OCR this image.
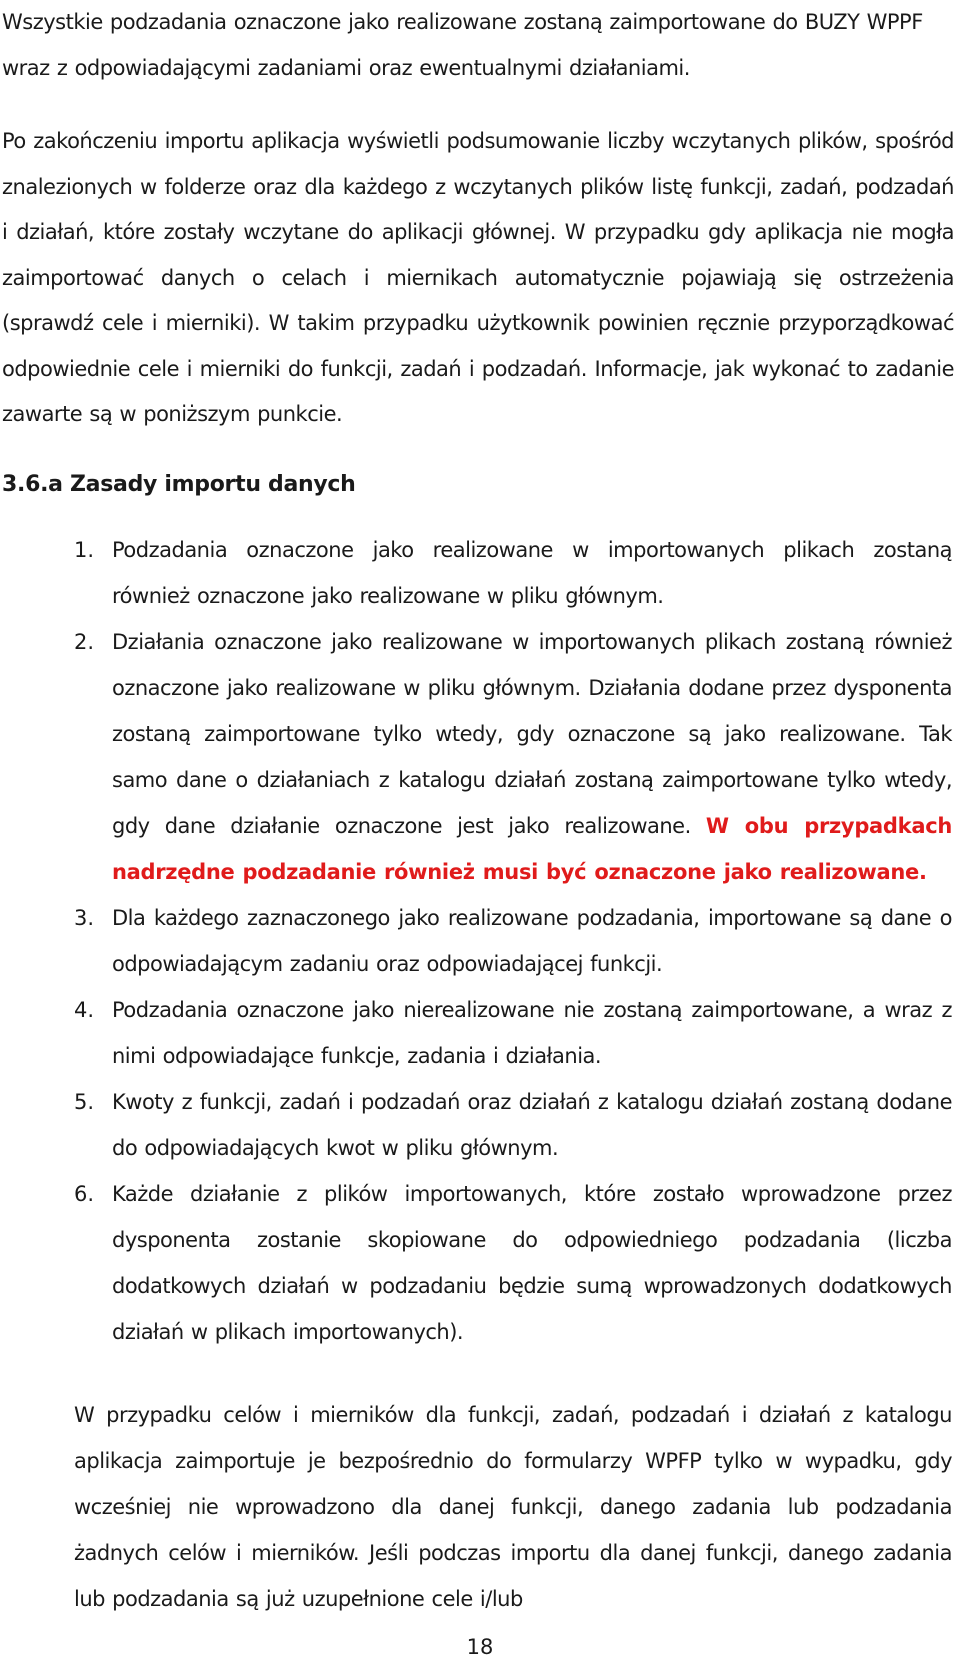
Wszystkie podzadania oznaczone jako realizowane zostaną zaimportowane do BUZY WPPF wraz z odpowiadającymi zadaniami oraz ewentualnymi działaniami.

Po zakończeniu importu aplikacja wyświetli podsumowanie liczby wczytanych plików, spośród znalezionych w folderze oraz dla każdego z wczytanych plików listę funkcji, zadań, podzadań i działań, które zostały wczytane do aplikacji głównej. W przypadku gdy aplikacja nie mogła zaimportować danych o celach i miernikach automatycznie pojawiają się ostrzeżenia (sprawdź cele i mierniki). W takim przypadku użytkownik powinien ręcznie przyporządkować odpowiednie cele i mierniki do funkcji, zadań i podzadań. Informacje, jak wykonać to zadanie zawarte są w poniższym punkcie.

3.6.a Zasady importu danych
1. Podzadania oznaczone jako realizowane w importowanych plikach zostaną również oznaczone jako realizowane w pliku głównym.
2. Działania oznaczone jako realizowane w importowanych plikach zostaną również oznaczone jako realizowane w pliku głównym. Działania dodane przez dysponenta zostaną zaimportowane tylko wtedy, gdy oznaczone są jako realizowane. Tak samo dane o działaniach z katalogu działań zostaną zaimportowane tylko wtedy, gdy dane działanie oznaczone jest jako realizowane. W obu przypadkach nadrzędne podzadanie również musi być oznaczone jako realizowane.
3. Dla każdego zaznaczonego jako realizowane podzadania, importowane są dane o odpowiadającym zadaniu oraz odpowiadającej funkcji.
4. Podzadania oznaczone jako nierealizowane nie zostaną zaimportowane, a wraz z nimi odpowiadające funkcje, zadania i działania.
5. Kwoty z funkcji, zadań i podzadań oraz działań z katalogu działań zostaną dodane do odpowiadających kwot w pliku głównym.
6. Każde działanie z plików importowanych, które zostało wprowadzone przez dysponenta zostanie skopiowane do odpowiedniego podzadania (liczba dodatkowych działań w podzadaniu będzie sumą wprowadzonych dodatkowych działań w plikach importowanych).

W przypadku celów i mierników dla funkcji, zadań, podzadań i działań z katalogu aplikacja zaimportuje je bezpośrednio do formularzy WPFP tylko w wypadku, gdy wcześniej nie wprowadzono dla danej funkcji, danego zadania lub podzadania żadnych celów i mierników. Jeśli podczas importu dla danej funkcji, danego zadania lub podzadania są już uzupełnione cele i/lub

18
